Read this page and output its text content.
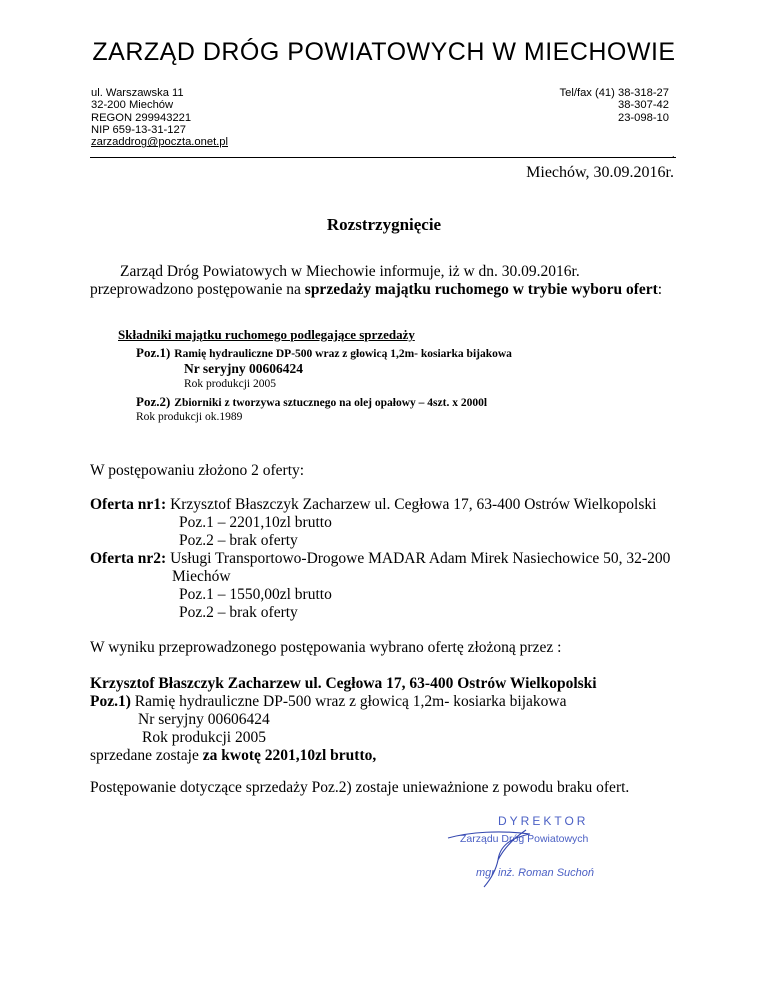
ZARZĄD DRÓG POWIATOWYCH W MIECHOWIE
ul. Warszawska 11
32-200 Miechów
REGON 299943221
NIP 659-13-31-127
zarzaddrog@poczta.onet.pl
Tel/fax (41) 38-318-27
38-307-42
23-098-10
.
Miechów, 30.09.2016r.
Rozstrzygnięcie
Zarząd Dróg Powiatowych w Miechowie informuje, iż w dn. 30.09.2016r.
przeprowadzono postępowanie na sprzedaży majątku ruchomego w trybie wyboru ofert:
Składniki majątku ruchomego podlegające sprzedaży
Poz.1) Ramię hydrauliczne DP-500 wraz z głowicą 1,2m- kosiarka bijakowa
Nr seryjny 00606424
Rok produkcji 2005
Poz.2) Zbiorniki z tworzywa sztucznego na olej opałowy – 4szt. x 2000l
Rok produkcji ok.1989
W postępowaniu złożono 2 oferty:
Oferta nr1: Krzysztof Błaszczyk Zacharzew ul. Cegłowa 17, 63-400 Ostrów Wielkopolski
Poz.1 – 2201,10zl brutto
Poz.2 – brak oferty
Oferta nr2: Usługi Transportowo-Drogowe MADAR Adam Mirek Nasiechowice 50, 32-200
Miechów
Poz.1 – 1550,00zl brutto
Poz.2 – brak oferty
W wyniku przeprowadzonego postępowania wybrano ofertę złożoną przez :
Krzysztof Błaszczyk Zacharzew ul. Cegłowa 17, 63-400 Ostrów Wielkopolski
Poz.1) Ramię hydrauliczne DP-500 wraz z głowicą 1,2m- kosiarka bijakowa
Nr seryjny 00606424
Rok produkcji 2005
sprzedane zostaje za kwotę 2201,10zl brutto,
Postępowanie dotyczące sprzedaży Poz.2) zostaje unieważnione z powodu braku ofert.
DYREKTOR
Zarządu Dróg Powiatowych
mgr inż. Roman Suchoń
